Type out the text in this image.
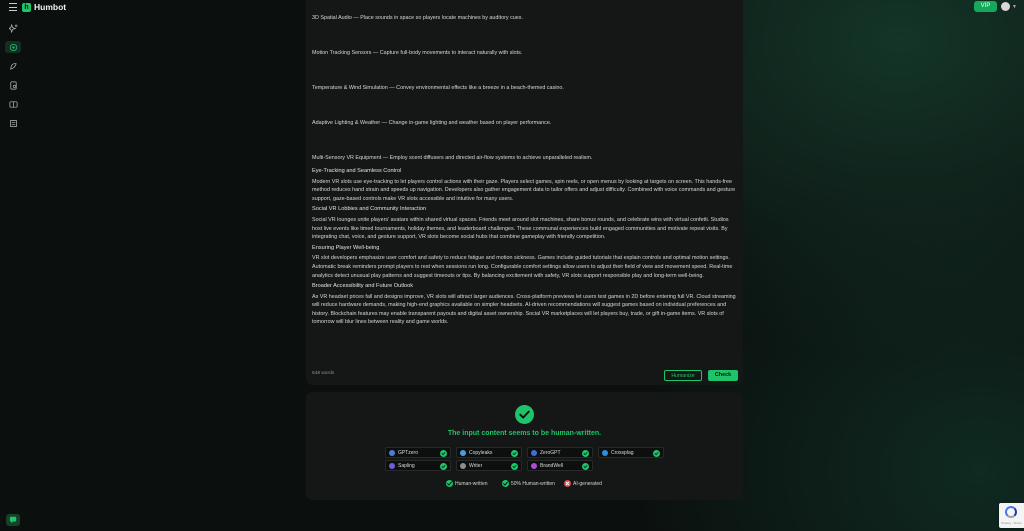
h Humbot	VIP	▼

3D Spatial Audio — Place sounds in space so players locate machines by auditory cues.

Motion Tracking Sensors — Capture full-body movements to interact naturally with slots.

Temperature & Wind Simulation — Convey environmental effects like a breeze in a beach-themed casino.

Adaptive Lighting & Weather — Change in-game lighting and weather based on player performance.

Multi-Sensory VR Equipment — Employ scent diffusers and directed air-flow systems to achieve unparalleled realism.

Eye-Tracking and Seamless Control

Modern VR slots use eye-tracking to let players control actions with their gaze. Players select games, spin reels, or open menus by looking at targets on screen. This hands-free method reduces hand strain and speeds up navigation. Developers also gather engagement data to tailor offers and adjust difficulty. Combined with voice commands and gesture support, gaze-based controls make VR slots accessible and intuitive for many users.

Social VR Lobbies and Community Interaction

Social VR lounges unite players' avatars within shared virtual spaces. Friends meet around slot machines, share bonus rounds, and celebrate wins with virtual confetti. Studios host live events like timed tournaments, holiday themes, and leaderboard challenges. These communal experiences build engaged communities and motivate repeat visits. By integrating chat, voice, and gesture support, VR slots become social hubs that combine gameplay with friendly competition.

Ensuring Player Well-being

VR slot developers emphasize user comfort and safety to reduce fatigue and motion sickness. Games include guided tutorials that explain controls and optimal motion settings. Automatic break reminders prompt players to rest when sessions run long. Configurable comfort settings allow users to adjust their field of view and movement speed. Real-time analytics detect unusual play patterns and suggest timeouts or tips. By balancing excitement with safety, VR slots support responsible play and long-term well-being.

Broader Accessibility and Future Outlook

As VR headset prices fall and designs improve, VR slots will attract larger audiences. Cross-platform previews let users test games in 2D before entering full VR. Cloud streaming will reduce hardware demands, making high-end graphics available on simpler headsets. AI-driven recommendations will suggest games based on individual preferences and history. Blockchain features may enable transparent payouts and digital asset ownership. Social VR marketplaces will let players buy, trade, or gift in-game items. VR slots of tomorrow will blur lines between reality and game worlds.

648 words	Humanize	Check
The input content seems to be human-written.
GPTzero	Copyleaks	ZeroGPT	Crossplag
Sapling	Writer	BrandWell
Human-written	50% Human-written	AI-generated
Privacy - Terms
